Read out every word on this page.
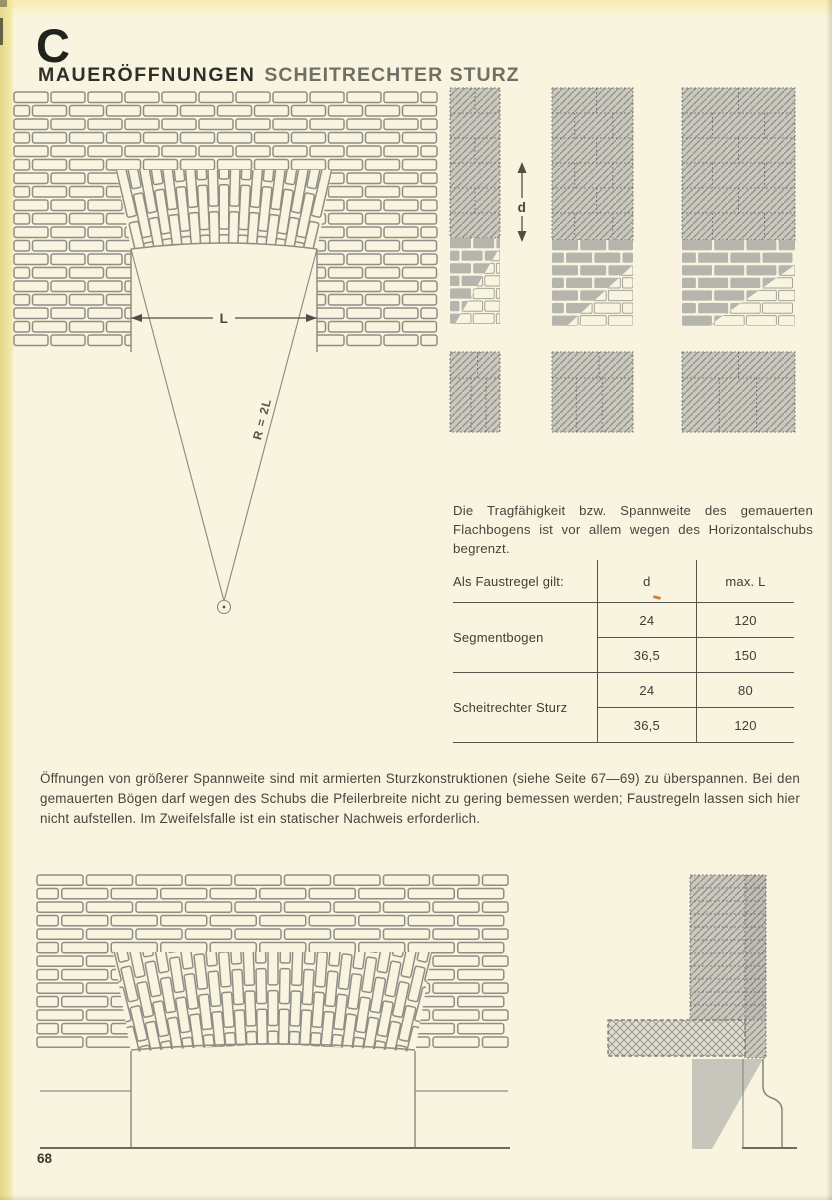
C
MAUERÖFFNUNGEN SCHEITRECHTER STURZ
L
R = 2L
d

Die Tragfähigkeit bzw. Spannweite des gemauerten Flachbogens ist vor allem wegen des Horizontalschubs begrenzt.

Als Faustregel gilt:	d	max. L
Segmentbogen	24	120
	36,5	150
Scheitrechter Sturz	24	80
	36,5	120

Öffnungen von größerer Spannweite sind mit armierten Sturzkonstruktionen (siehe Seite 67—69) zu überspannen. Bei den gemauerten Bögen darf wegen des Schubs die Pfeilerbreite nicht zu gering bemessen werden; Faustregeln lassen sich hier nicht aufstellen. Im Zweifelsfalle ist ein statischer Nachweis erforderlich.

68
